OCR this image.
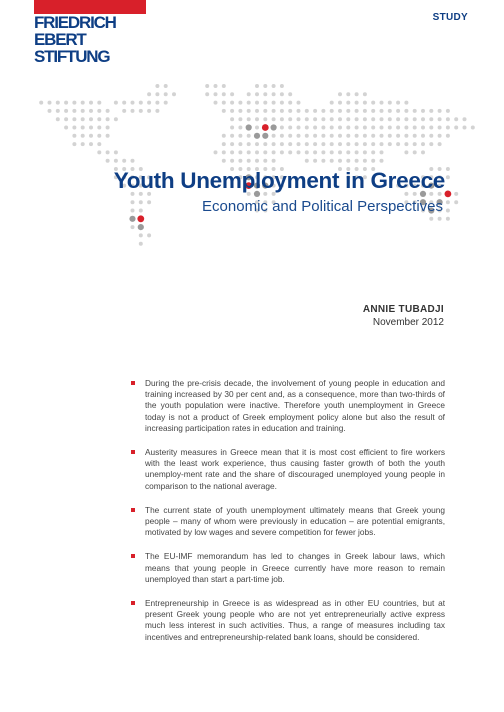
FRIEDRICH
EBERT
STIFTUNG
STUDY
Youth Unemployment in Greece
Economic and Political Perspectives
ANNIE TUBADJI
November 2012
During the pre-crisis decade, the involvement of young people in education and training increased by 30 per cent and, as a consequence, more than two-thirds of the youth population were inactive. Therefore youth unemployment in Greece today is not a product of Greek employment policy alone but also the result of increasing participation rates in education and training.
Austerity measures in Greece mean that it is most cost efficient to fire workers with the least work experience, thus causing faster growth of both the youth unemploy-ment rate and the share of discouraged unemployed young people in comparison to the national average.
The current state of youth unemployment ultimately means that Greek young people – many of whom were previously in education – are potential emigrants, motivated by low wages and severe competition for fewer jobs.
The EU-IMF memorandum has led to changes in Greek labour laws, which means that young people in Greece currently have more reason to remain unemployed than start a part-time job.
Entrepreneurship in Greece is as widespread as in other EU countries, but at present Greek young people who are not yet entrepreneurially active express much less interest in such activities. Thus, a range of measures including tax incentives and entrepreneurship-related bank loans, should be considered.
